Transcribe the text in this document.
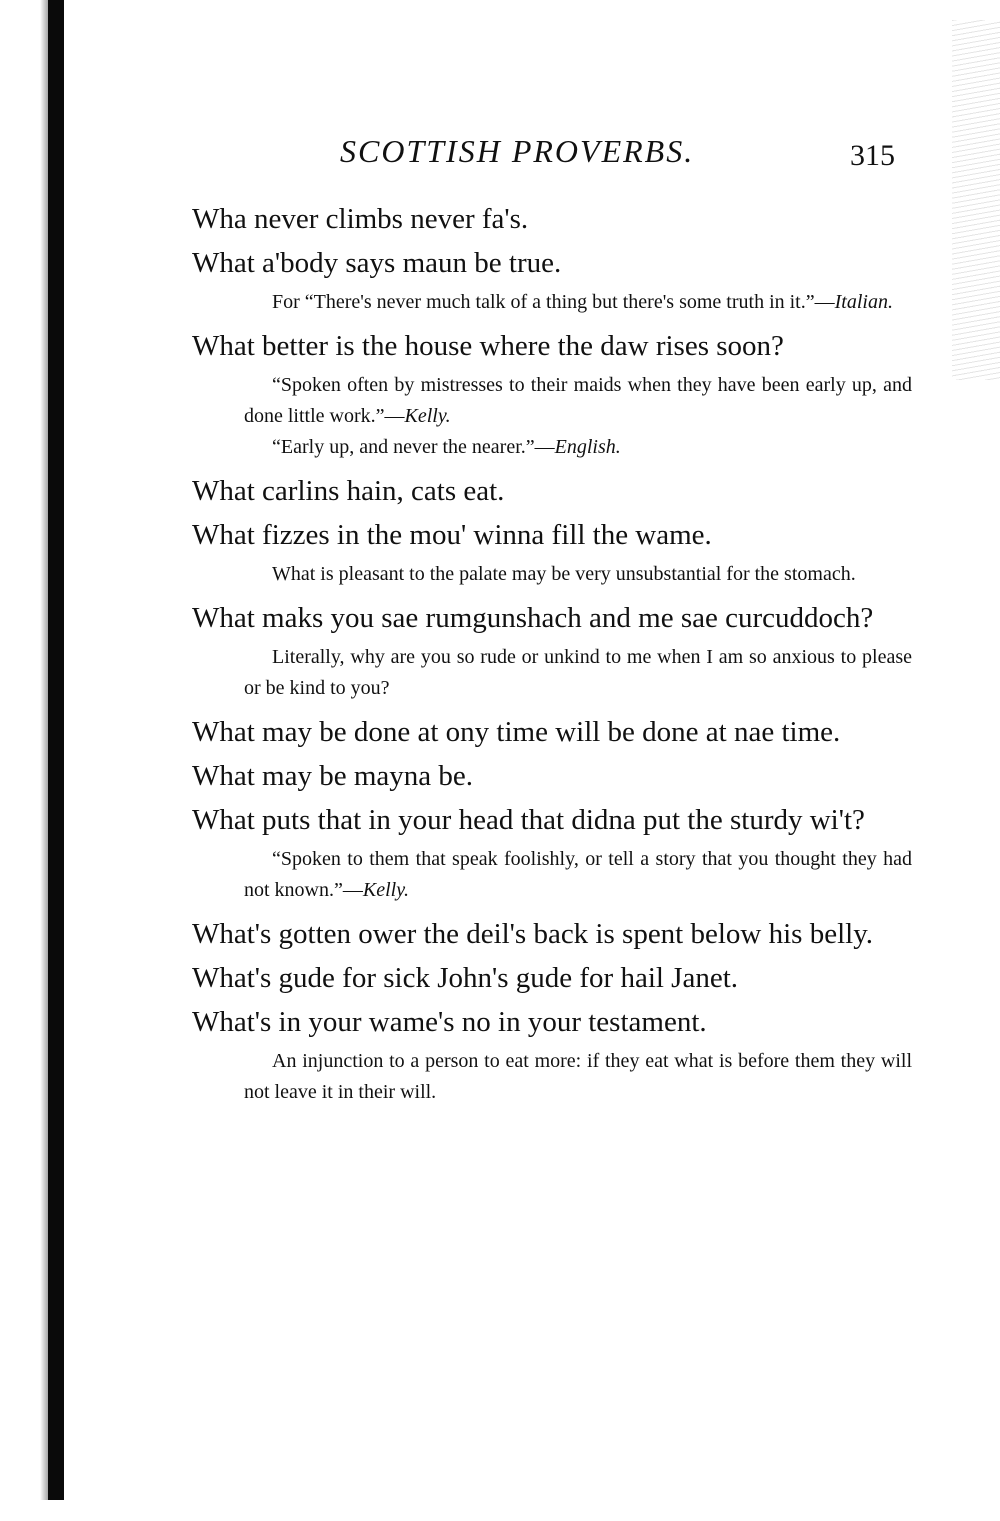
SCOTTISH PROVERBS.	315

Wha never climbs never fa's.

What a'body says maun be true.

For “There's never much talk of a thing but there's some truth in it.”—Italian.

What better is the house where the daw rises soon?

“Spoken often by mistresses to their maids when they have been early up, and done little work.”—Kelly.

“Early up, and never the nearer.”—English.

What carlins hain, cats eat.

What fizzes in the mou' winna fill the wame.

What is pleasant to the palate may be very unsubstantial for the stomach.

What maks you sae rumgunshach and me sae curcuddoch?

Literally, why are you so rude or unkind to me when I am so anxious to please or be kind to you?

What may be done at ony time will be done at nae time.

What may be mayna be.

What puts that in your head that didna put the sturdy wi't?

“Spoken to them that speak foolishly, or tell a story that you thought they had not known.”—Kelly.

What's gotten ower the deil's back is spent below his belly.

What's gude for sick John's gude for hail Janet.

What's in your wame's no in your testament.

An injunction to a person to eat more: if they eat what is before them they will not leave it in their will.
